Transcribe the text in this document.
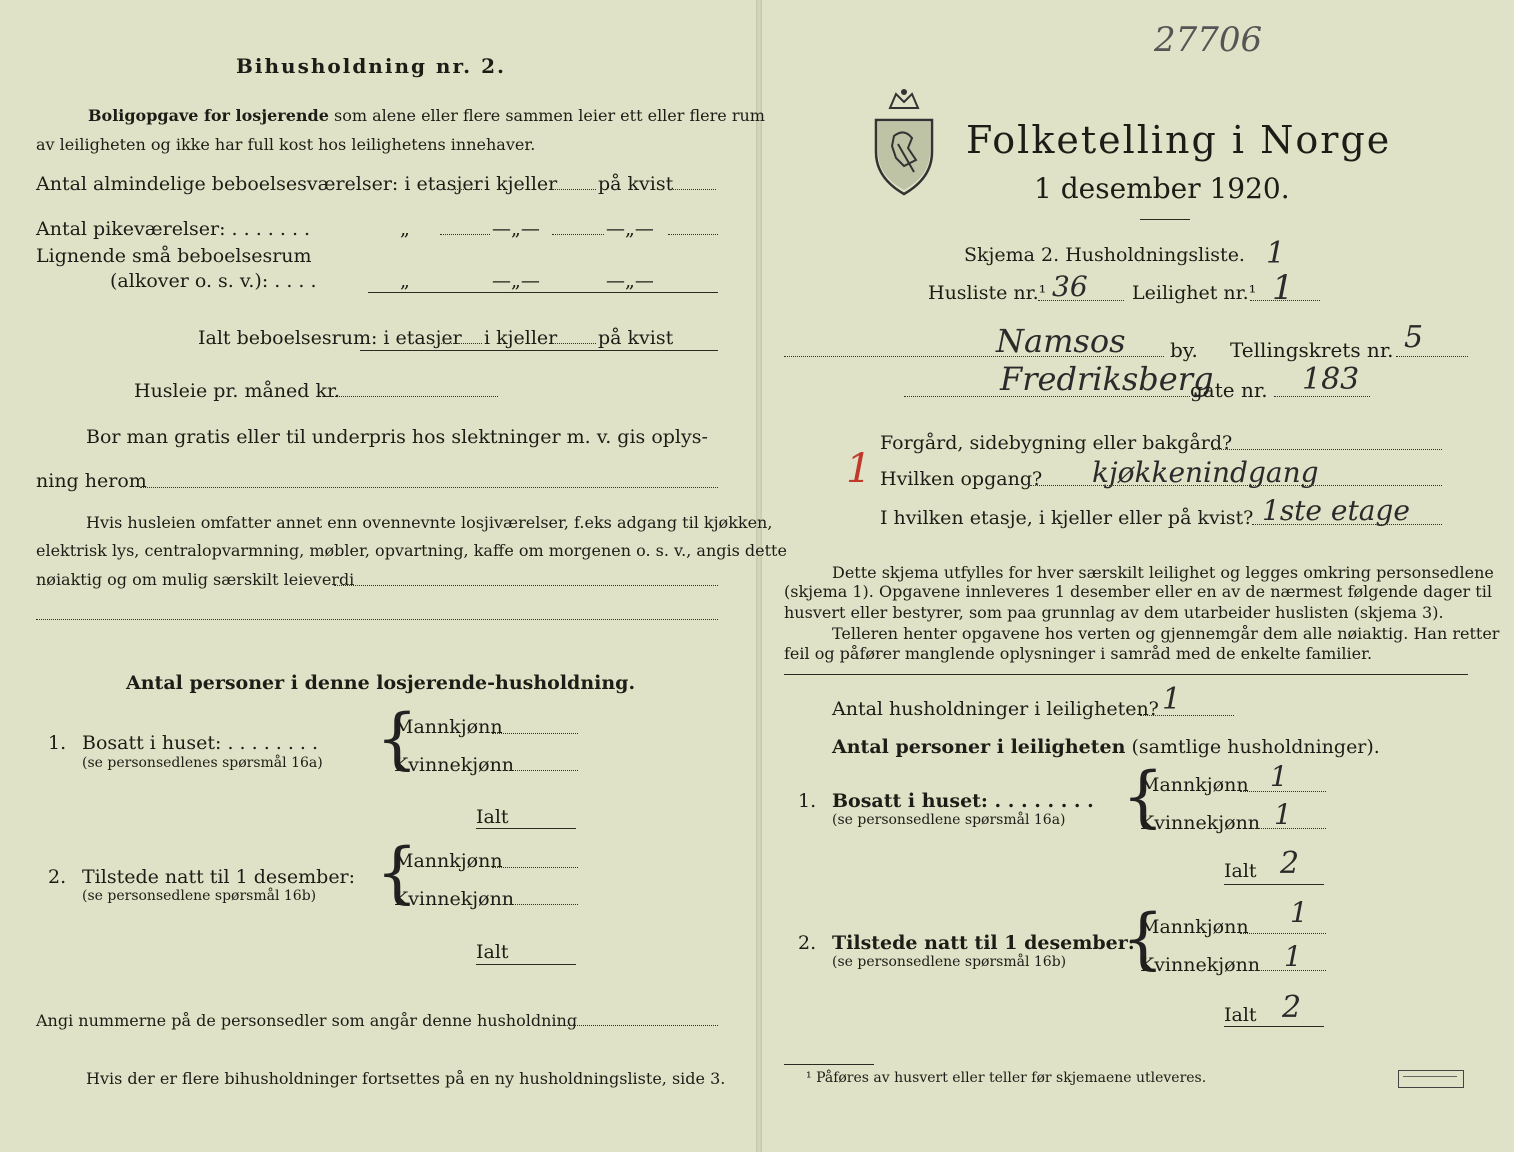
Bihusholdning nr. 2.
Boligopgave for losjerende som alene eller flere sammen leier ett eller flere rum
av leiligheten og ikke har full kost hos leilighetens innehaver.
Antal almindelige beboelsesværelser: i etasjer i kjeller på kvist
Antal pikeværelser: . . . . . . .	„	—„—	—„—
Lignende små beboelsesrum
(alkover o. s. v.): . . . .	„	—„—	—„—
Ialt beboelsesrum: i etasjer i kjeller på kvist
Husleie pr. måned kr.
Bor man gratis eller til underpris hos slektninger m. v. gis oplys-
ning herom
Hvis husleien omfatter annet enn ovennevnte losjiværelser, f.eks adgang til kjøkken,
elektrisk lys, centralopvarmning, møbler, opvartning, kaffe om morgenen o. s. v., angis dette
nøiaktig og om mulig særskilt leieverdi
Antal personer i denne losjerende-husholdning.
1. Bosatt i huset: . . . . . . . .
(se personsedlenes spørsmål 16a) {
Mannkjønn
Kvinnekjønn
Ialt
2. Tilstede natt til 1 desember:
(se personsedlene spørsmål 16b) {
Mannkjønn
Kvinnekjønn
Ialt
Angi nummerne på de personsedler som angår denne husholdning
Hvis der er flere bihusholdninger fortsettes på en ny husholdningsliste, side 3.
27706
Folketelling i Norge
1 desember 1920.
Skjema 2. Husholdningsliste. 1
Husliste nr.¹ 36 Leilighet nr.¹ 1
Namsos by. Tellingskrets nr. 5
Fredriksberg
gate nr. 183
1
Forgård, sidebygning eller bakgård?
Hvilken opgang? kjøkkenindgang
I hvilken etasje, i kjeller eller på kvist? 1ste etage
Dette skjema utfylles for hver særskilt leilighet og legges omkring personsedlene
(skjema 1). Opgavene innleveres 1 desember eller en av de nærmest følgende dager til
husvert eller bestyrer, som paa grunnlag av dem utarbeider huslisten (skjema 3).
Telleren henter opgavene hos verten og gjennemgår dem alle nøiaktig. Han retter
feil og påfører manglende oplysninger i samråd med de enkelte familier.
Antal husholdninger i leiligheten? 1
Antal personer i leiligheten (samtlige husholdninger).
1. Bosatt i huset: . . . . . . . .
(se personsedlene spørsmål 16a) {
Mannkjønn 1
Kvinnekjønn 1
Ialt 2
2. Tilstede natt til 1 desember:
(se personsedlene spørsmål 16b) {
Mannkjønn 1
Kvinnekjønn 1
Ialt 2
¹ Påføres av husvert eller teller før skjemaene utleveres.
